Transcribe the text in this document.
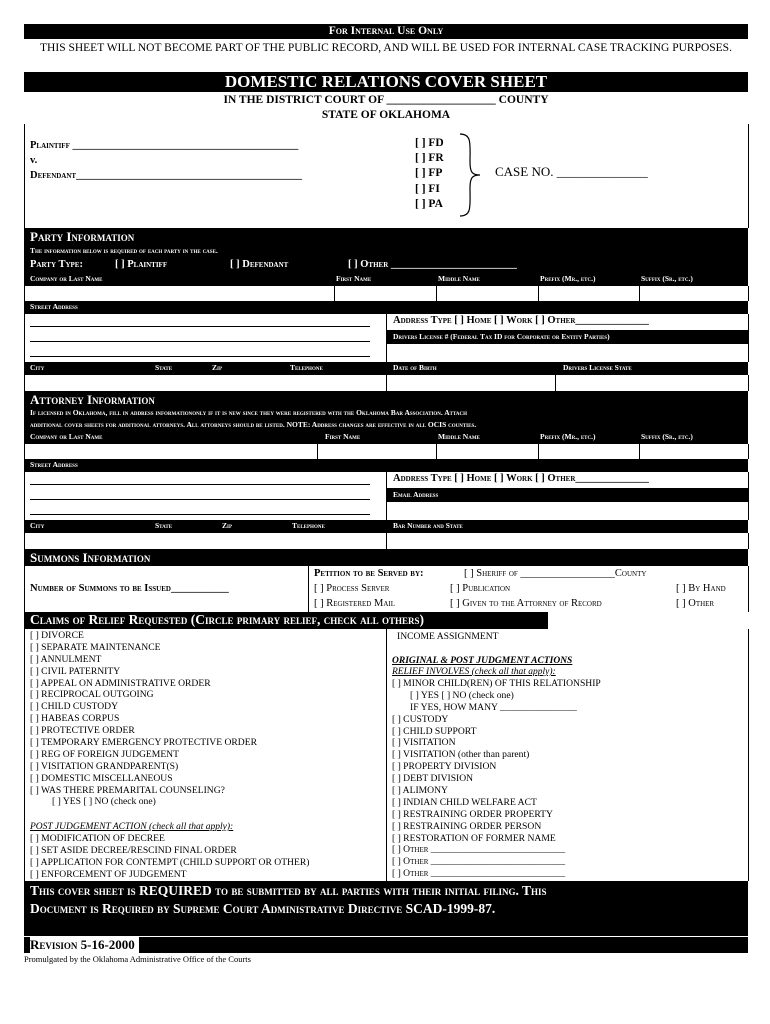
For Internal Use Only
THIS SHEET WILL NOT BECOME PART OF THE PUBLIC RECORD, AND WILL BE USED FOR INTERNAL CASE TRACKING PURPOSES.
DOMESTIC RELATIONS COVER SHEET
IN THE DISTRICT COURT OF ___________________ COUNTY
STATE OF OKLAHOMA
Plaintiff ___________________________________________
v.
Defendant___________________________________________
[ ] FD
[ ] FR
[ ] FP
[ ] FI
[ ] PA
CASE NO. ______________
Party Information
The information below is required of each party in the case.
Party Type:	[ ] Plaintiff	[ ] Defendant	[ ] Other ________________________
Company or Last Name	First Name	Middle Name	Prefix (Mr., etc.)	Suffix (Sr., etc.)
Street Address
Address Type [ ] Home [ ] Work [ ] Other______________
Drivers License # (Federal Tax ID for Corporate or Entity Parties)
City	State	Zip	Telephone	Date of Birth	Drivers License State
Attorney Information
If licensed in Oklahoma, fill in address informationonly if it is new since they were registered with the Oklahoma Bar Association. Attach
additional cover sheets for additional attorneys. All attorneys should be listed. NOTE: Address changes are effective in all OCIS counties.
Company or Last Name	First Name	Middle Name	Prefix (Mr., etc.)	Suffix (Sr., etc.)
Street Address
Address Type [ ] Home [ ] Work [ ] Other______________
Email Address
City	State	Zip	Telephone	Bar Number and State
Summons Information
Number of Summons to be Issued___________
Petition to be Served by:	[ ] Sheriff of __________________County
[ ] Process Server	[ ] Publication	[ ] By Hand
[ ] Registered Mail	[ ] Given to the Attorney of Record	[ ] Other
Claims of Relief Requested (Circle primary relief, check all others)
[ ] DIVORCE
[ ] SEPARATE MAINTENANCE
[ ] ANNULMENT
[ ] CIVIL PATERNITY
[ ] APPEAL ON ADMINISTRATIVE ORDER
[ ] RECIPROCAL OUTGOING
[ ] CHILD CUSTODY
[ ] HABEAS CORPUS
[ ] PROTECTIVE ORDER
[ ] TEMPORARY EMERGENCY PROTECTIVE ORDER
[ ] REG OF FOREIGN JUDGEMENT
[ ] VISITATION GRANDPARENT(S)
[ ] DOMESTIC MISCELLANEOUS
[ ] WAS THERE PREMARITAL COUNSELING?
[ ] YES [ ] NO (check one)
POST JUDGEMENT ACTION (check all that apply):
[ ] MODIFICATION OF DECREE
[ ] SET ASIDE DECREE/RESCIND FINAL ORDER
[ ] APPLICATION FOR CONTEMPT (CHILD SUPPORT OR OTHER)
[ ] ENFORCEMENT OF JUDGEMENT
INCOME ASSIGNMENT
ORIGINAL & POST JUDGMENT ACTIONS
RELIEF INVOLVES (check all that apply):
[ ] MINOR CHILD(REN) OF THIS RELATIONSHIP
[ ] YES [ ] NO (check one)
IF YES, HOW MANY ________________
[ ] CUSTODY
[ ] CHILD SUPPORT
[ ] VISITATION
[ ] VISITATION (other than parent)
[ ] PROPERTY DIVISION
[ ] DEBT DIVISION
[ ] ALIMONY
[ ] INDIAN CHILD WELFARE ACT
[ ] RESTRAINING ORDER PROPERTY
[ ] RESTRAINING ORDER PERSON
[ ] RESTORATION OF FORMER NAME
[ ] Other ____________________________
[ ] Other ____________________________
[ ] Other ____________________________
This cover sheet is REQUIRED to be submitted by all parties with their initial filing. This
Document is Required by Supreme Court Administrative Directive SCAD-1999-87.
Revision 5-16-2000
Promulgated by the Oklahoma Administrative Office of the Courts
